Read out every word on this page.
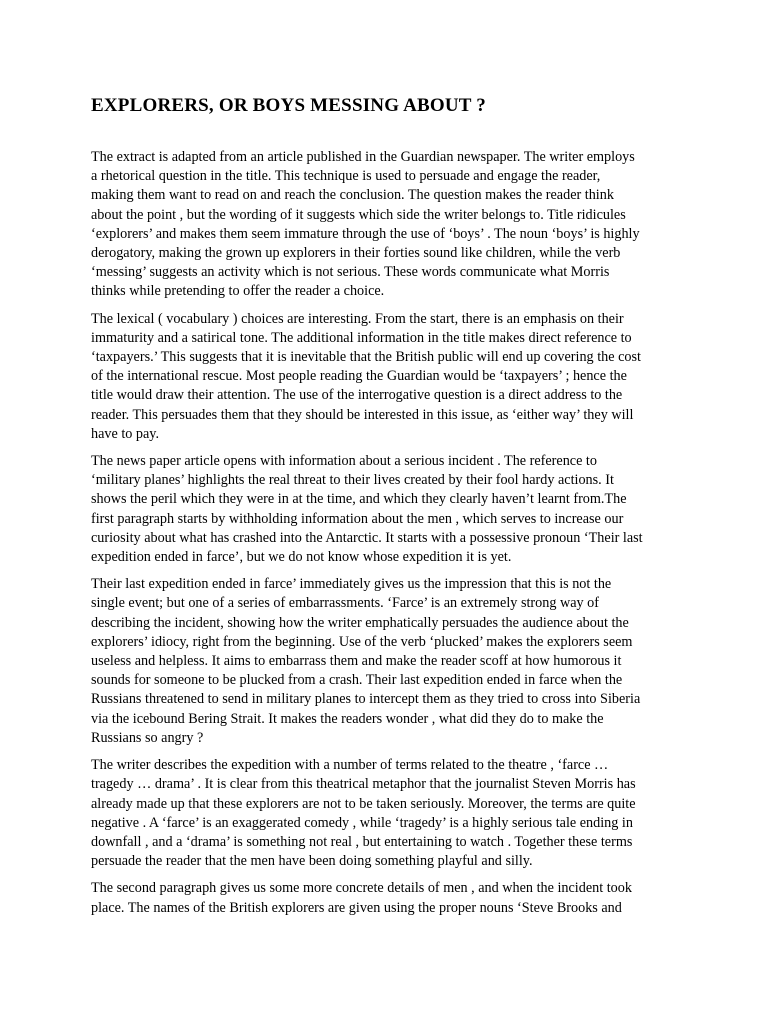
EXPLORERS, OR BOYS MESSING ABOUT ?

The extract is adapted from an article published in the Guardian newspaper. The writer employs
a rhetorical question in the title. This technique is used to persuade and engage the reader,
making them want to read on and reach the conclusion. The question makes the reader think
about the point , but the wording of it suggests which side the writer belongs to. Title ridicules
‘explorers’ and makes them seem immature through the use of ‘boys’ . The noun ‘boys’ is highly
derogatory, making the grown up explorers in their forties sound like children, while the verb
‘messing’ suggests an activity which is not serious. These words communicate what Morris
thinks while pretending to offer the reader a choice.

The lexical ( vocabulary ) choices are interesting. From the start, there is an emphasis on their
immaturity and a satirical tone. The additional information in the title makes direct reference to
‘taxpayers.’ This suggests that it is inevitable that the British public will end up covering the cost
of the international rescue. Most people reading the Guardian would be ‘taxpayers’ ; hence the
title would draw their attention. The use of the interrogative question is a direct address to the
reader. This persuades them that they should be interested in this issue, as ‘either way’ they will
have to pay.

The news paper article opens with information about a serious incident . The reference to
‘military planes’ highlights the real threat to their lives created by their fool hardy actions. It
shows the peril which they were in at the time, and which they clearly haven’t learnt from.The
first paragraph starts by withholding information about the men , which serves to increase our
curiosity about what has crashed into the Antarctic. It starts with a possessive pronoun ‘Their last
expedition ended in farce’, but we do not know whose expedition it is yet.

Their last expedition ended in farce’ immediately gives us the impression that this is not the
single event; but one of a series of embarrassments. ‘Farce’ is an extremely strong way of
describing the incident, showing how the writer emphatically persuades the audience about the
explorers’ idiocy, right from the beginning. Use of the verb ‘plucked’ makes the explorers seem
useless and helpless. It aims to embarrass them and make the reader scoff at how humorous it
sounds for someone to be plucked from a crash. Their last expedition ended in farce when the
Russians threatened to send in military planes to intercept them as they tried to cross into Siberia
via the icebound Bering Strait. It makes the readers wonder , what did they do to make the
Russians so angry ?

The writer describes the expedition with a number of terms related to the theatre , ‘farce …
tragedy … drama’ . It is clear from this theatrical metaphor that the journalist Steven Morris has
already made up that these explorers are not to be taken seriously. Moreover, the terms are quite
negative . A ‘farce’ is an exaggerated comedy , while ‘tragedy’ is a highly serious tale ending in
downfall , and a ‘drama’ is something not real , but entertaining to watch . Together these terms
persuade the reader that the men have been doing something playful and silly.

The second paragraph gives us some more concrete details of men , and when the incident took
place. The names of the British explorers are given using the proper nouns ‘Steve Brooks and
